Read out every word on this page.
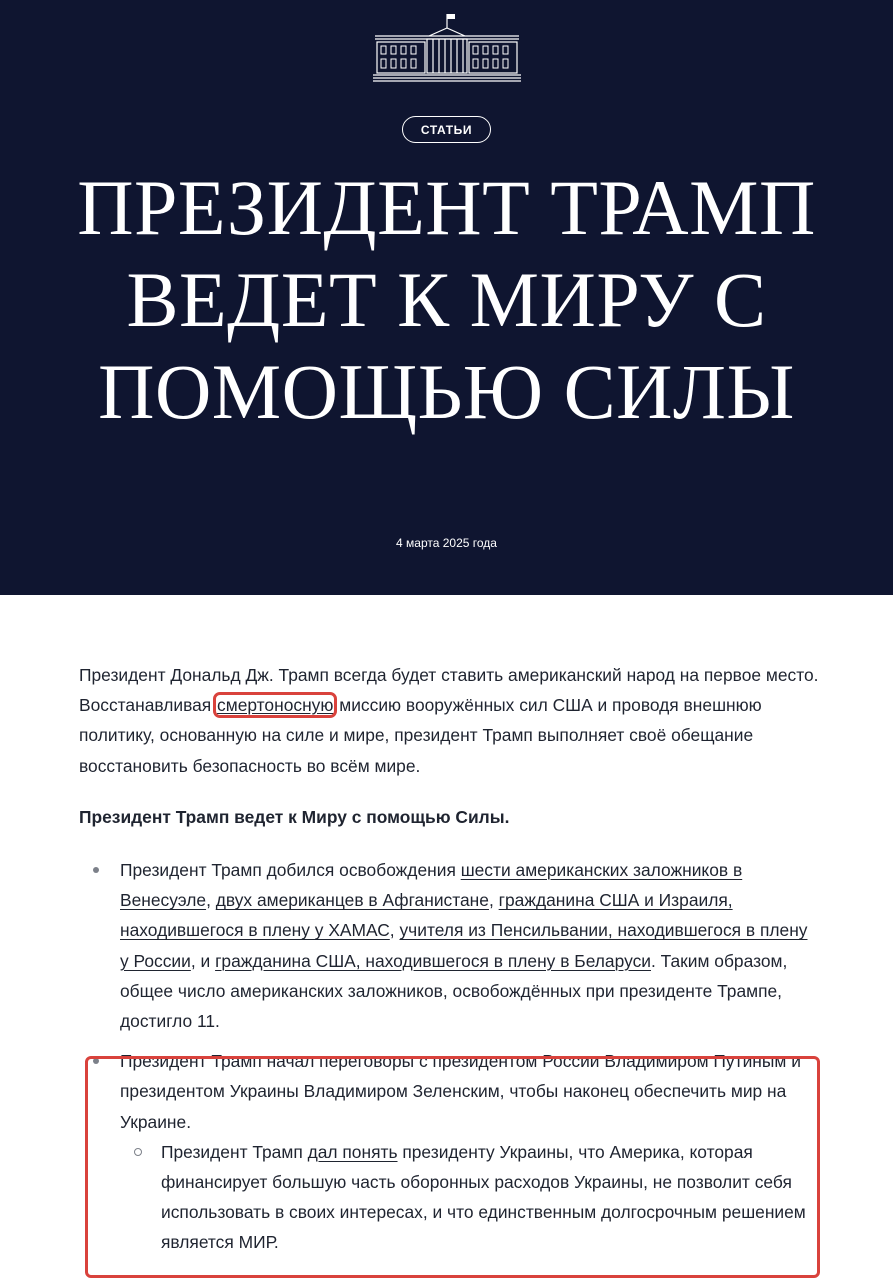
СТАТЬИ
ПРЕЗИДЕНТ ТРАМП ВЕДЕТ К МИРУ С ПОМОЩЬЮ СИЛЫ
4 марта 2025 года

Президент Дональд Дж. Трамп всегда будет ставить американский народ на первое место. Восстанавливая смертоносную миссию вооружённых сил США и проводя внешнюю политику, основанную на силе и мире, президент Трамп выполняет своё обещание восстановить безопасность во всём мире.

Президент Трамп ведет к Миру с помощью Силы.

Президент Трамп добился освобождения шести американских заложников в Венесуэле, двух американцев в Афганистане, гражданина США и Израиля, находившегося в плену у ХАМАС, учителя из Пенсильвании, находившегося в плену у России, и гражданина США, находившегося в плену в Беларуси. Таким образом, общее число американских заложников, освобождённых при президенте Трампе, достигло 11.
Президент Трамп начал переговоры с президентом России Владимиром Путиным и президентом Украины Владимиром Зеленским, чтобы наконец обеспечить мир на Украине.
Президент Трамп дал понять президенту Украины, что Америка, которая финансирует большую часть оборонных расходов Украины, не позволит себя использовать в своих интересах, и что единственным долгосрочным решением является МИР.
